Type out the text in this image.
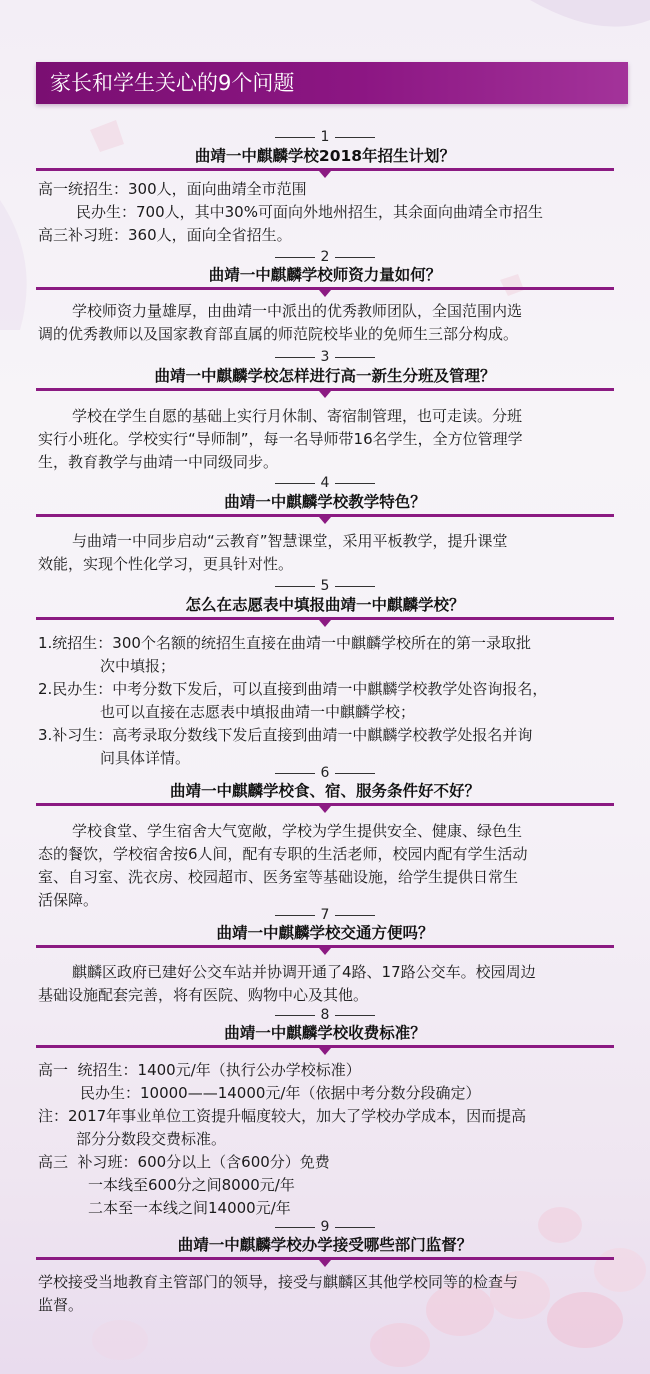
家长和学生关心的9个问题
1
曲靖一中麒麟学校2018年招生计划？
高一统招生：300人，面向曲靖全市范围
民办生：700人，其中30%可面向外地州招生，其余面向曲靖全市招生
高三补习班：360人，面向全省招生。
2
曲靖一中麒麟学校师资力量如何？
学校师资力量雄厚，由曲靖一中派出的优秀教师团队，全国范围内选
调的优秀教师以及国家教育部直属的师范院校毕业的免师生三部分构成。
3
曲靖一中麒麟学校怎样进行高一新生分班及管理？
学校在学生自愿的基础上实行月休制、寄宿制管理，也可走读。分班
实行小班化。学校实行“导师制”，每一名导师带16名学生，全方位管理学
生，教育教学与曲靖一中同级同步。
4
曲靖一中麒麟学校教学特色？
与曲靖一中同步启动“云教育”智慧课堂，采用平板教学，提升课堂
效能，实现个性化学习，更具针对性。
5
怎么在志愿表中填报曲靖一中麒麟学校？
1.统招生：300个名额的统招生直接在曲靖一中麒麟学校所在的第一录取批
次中填报；
2.民办生：中考分数下发后，可以直接到曲靖一中麒麟学校教学处咨询报名，
也可以直接在志愿表中填报曲靖一中麒麟学校；
3.补习生：高考录取分数线下发后直接到曲靖一中麒麟学校教学处报名并询
问具体详情。
6
曲靖一中麒麟学校食、宿、服务条件好不好？
学校食堂、学生宿舍大气宽敞，学校为学生提供安全、健康、绿色生
态的餐饮，学校宿舍按6人间，配有专职的生活老师，校园内配有学生活动
室、自习室、洗衣房、校园超市、医务室等基础设施，给学生提供日常生
活保障。
7
曲靖一中麒麟学校交通方便吗？
麒麟区政府已建好公交车站并协调开通了4路、17路公交车。校园周边
基础设施配套完善，将有医院、购物中心及其他。
8
曲靖一中麒麟学校收费标准？
高一  统招生：1400元/年（执行公办学校标准）
民办生：10000——14000元/年（依据中考分数分段确定）
注：2017年事业单位工资提升幅度较大，加大了学校办学成本，因而提高
部分分数段交费标准。
高三  补习班：600分以上（含600分）免费
一本线至600分之间8000元/年
二本至一本线之间14000元/年
9
曲靖一中麒麟学校办学接受哪些部门监督？
学校接受当地教育主管部门的领导，接受与麒麟区其他学校同等的检查与
监督。
